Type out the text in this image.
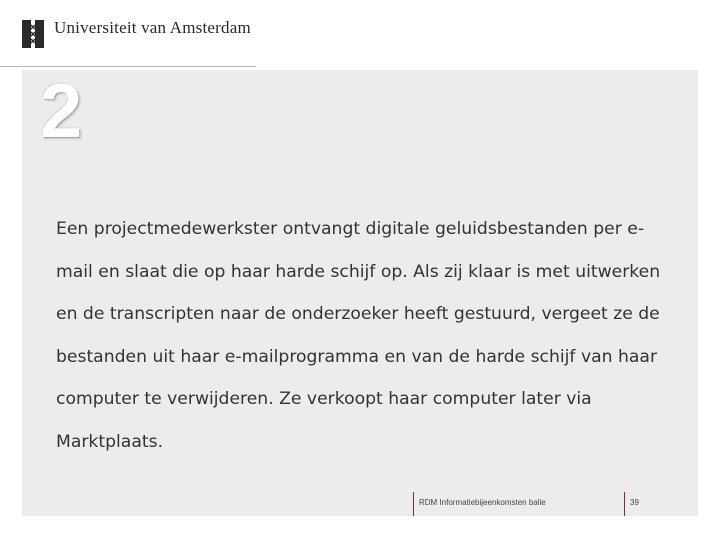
Universiteit van Amsterdam
2

Een projectmedewerkster ontvangt digitale geluidsbestanden per e-mail en slaat die op haar harde schijf op. Als zij klaar is met uitwerken en de transcripten naar de onderzoeker heeft gestuurd, vergeet ze de bestanden uit haar e-mailprogramma en van de harde schijf van haar computer te verwijderen. Ze verkoopt haar computer later via Marktplaats.

RDM Informatiebijeenkomsten balie	39
